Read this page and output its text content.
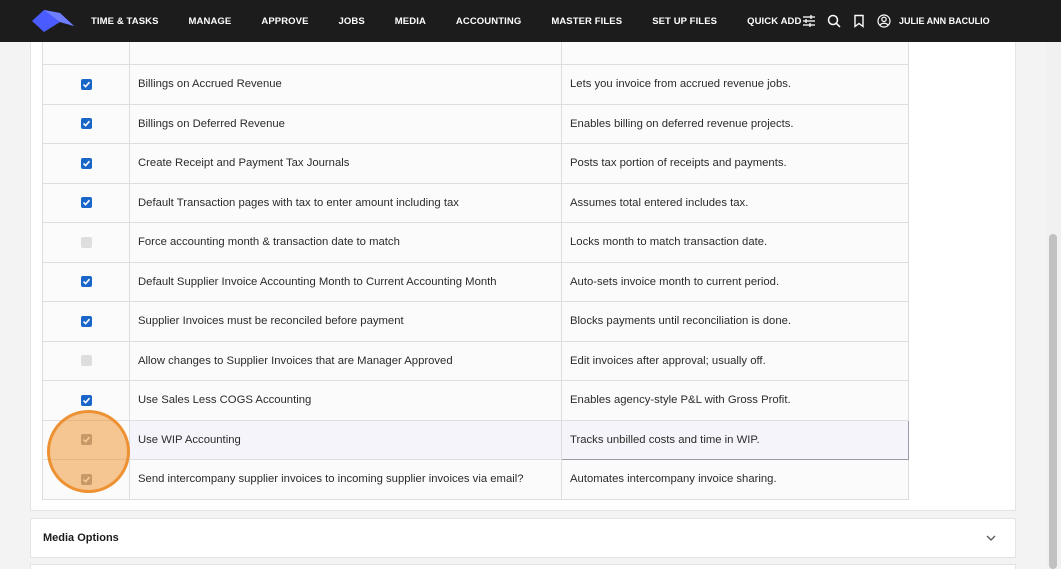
TIME & TASKS	MANAGE	APPROVE	JOBS	MEDIA	ACCOUNTING	MASTER FILES	SET UP FILES	QUICK ADD	JULIE ANN BACULIO

	Billings on Accrued Revenue	Lets you invoice from accrued revenue jobs.

	Billings on Deferred Revenue	Enables billing on deferred revenue projects.

	Create Receipt and Payment Tax Journals	Posts tax portion of receipts and payments.

	Default Transaction pages with tax to enter amount including tax	Assumes total entered includes tax.
	Force accounting month & transaction date to match	Locks month to match transaction date.

	Default Supplier Invoice Accounting Month to Current Accounting Month	Auto-sets invoice month to current period.

	Supplier Invoices must be reconciled before payment	Blocks payments until reconciliation is done.
	Allow changes to Supplier Invoices that are Manager Approved	Edit invoices after approval; usually off.

	Use Sales Less COGS Accounting	Enables agency-style P&L with Gross Profit.

	Use WIP Accounting	Tracks unbilled costs and time in WIP.

	Send intercompany supplier invoices to incoming supplier invoices via email?	Automates intercompany invoice sharing.
Media Options
